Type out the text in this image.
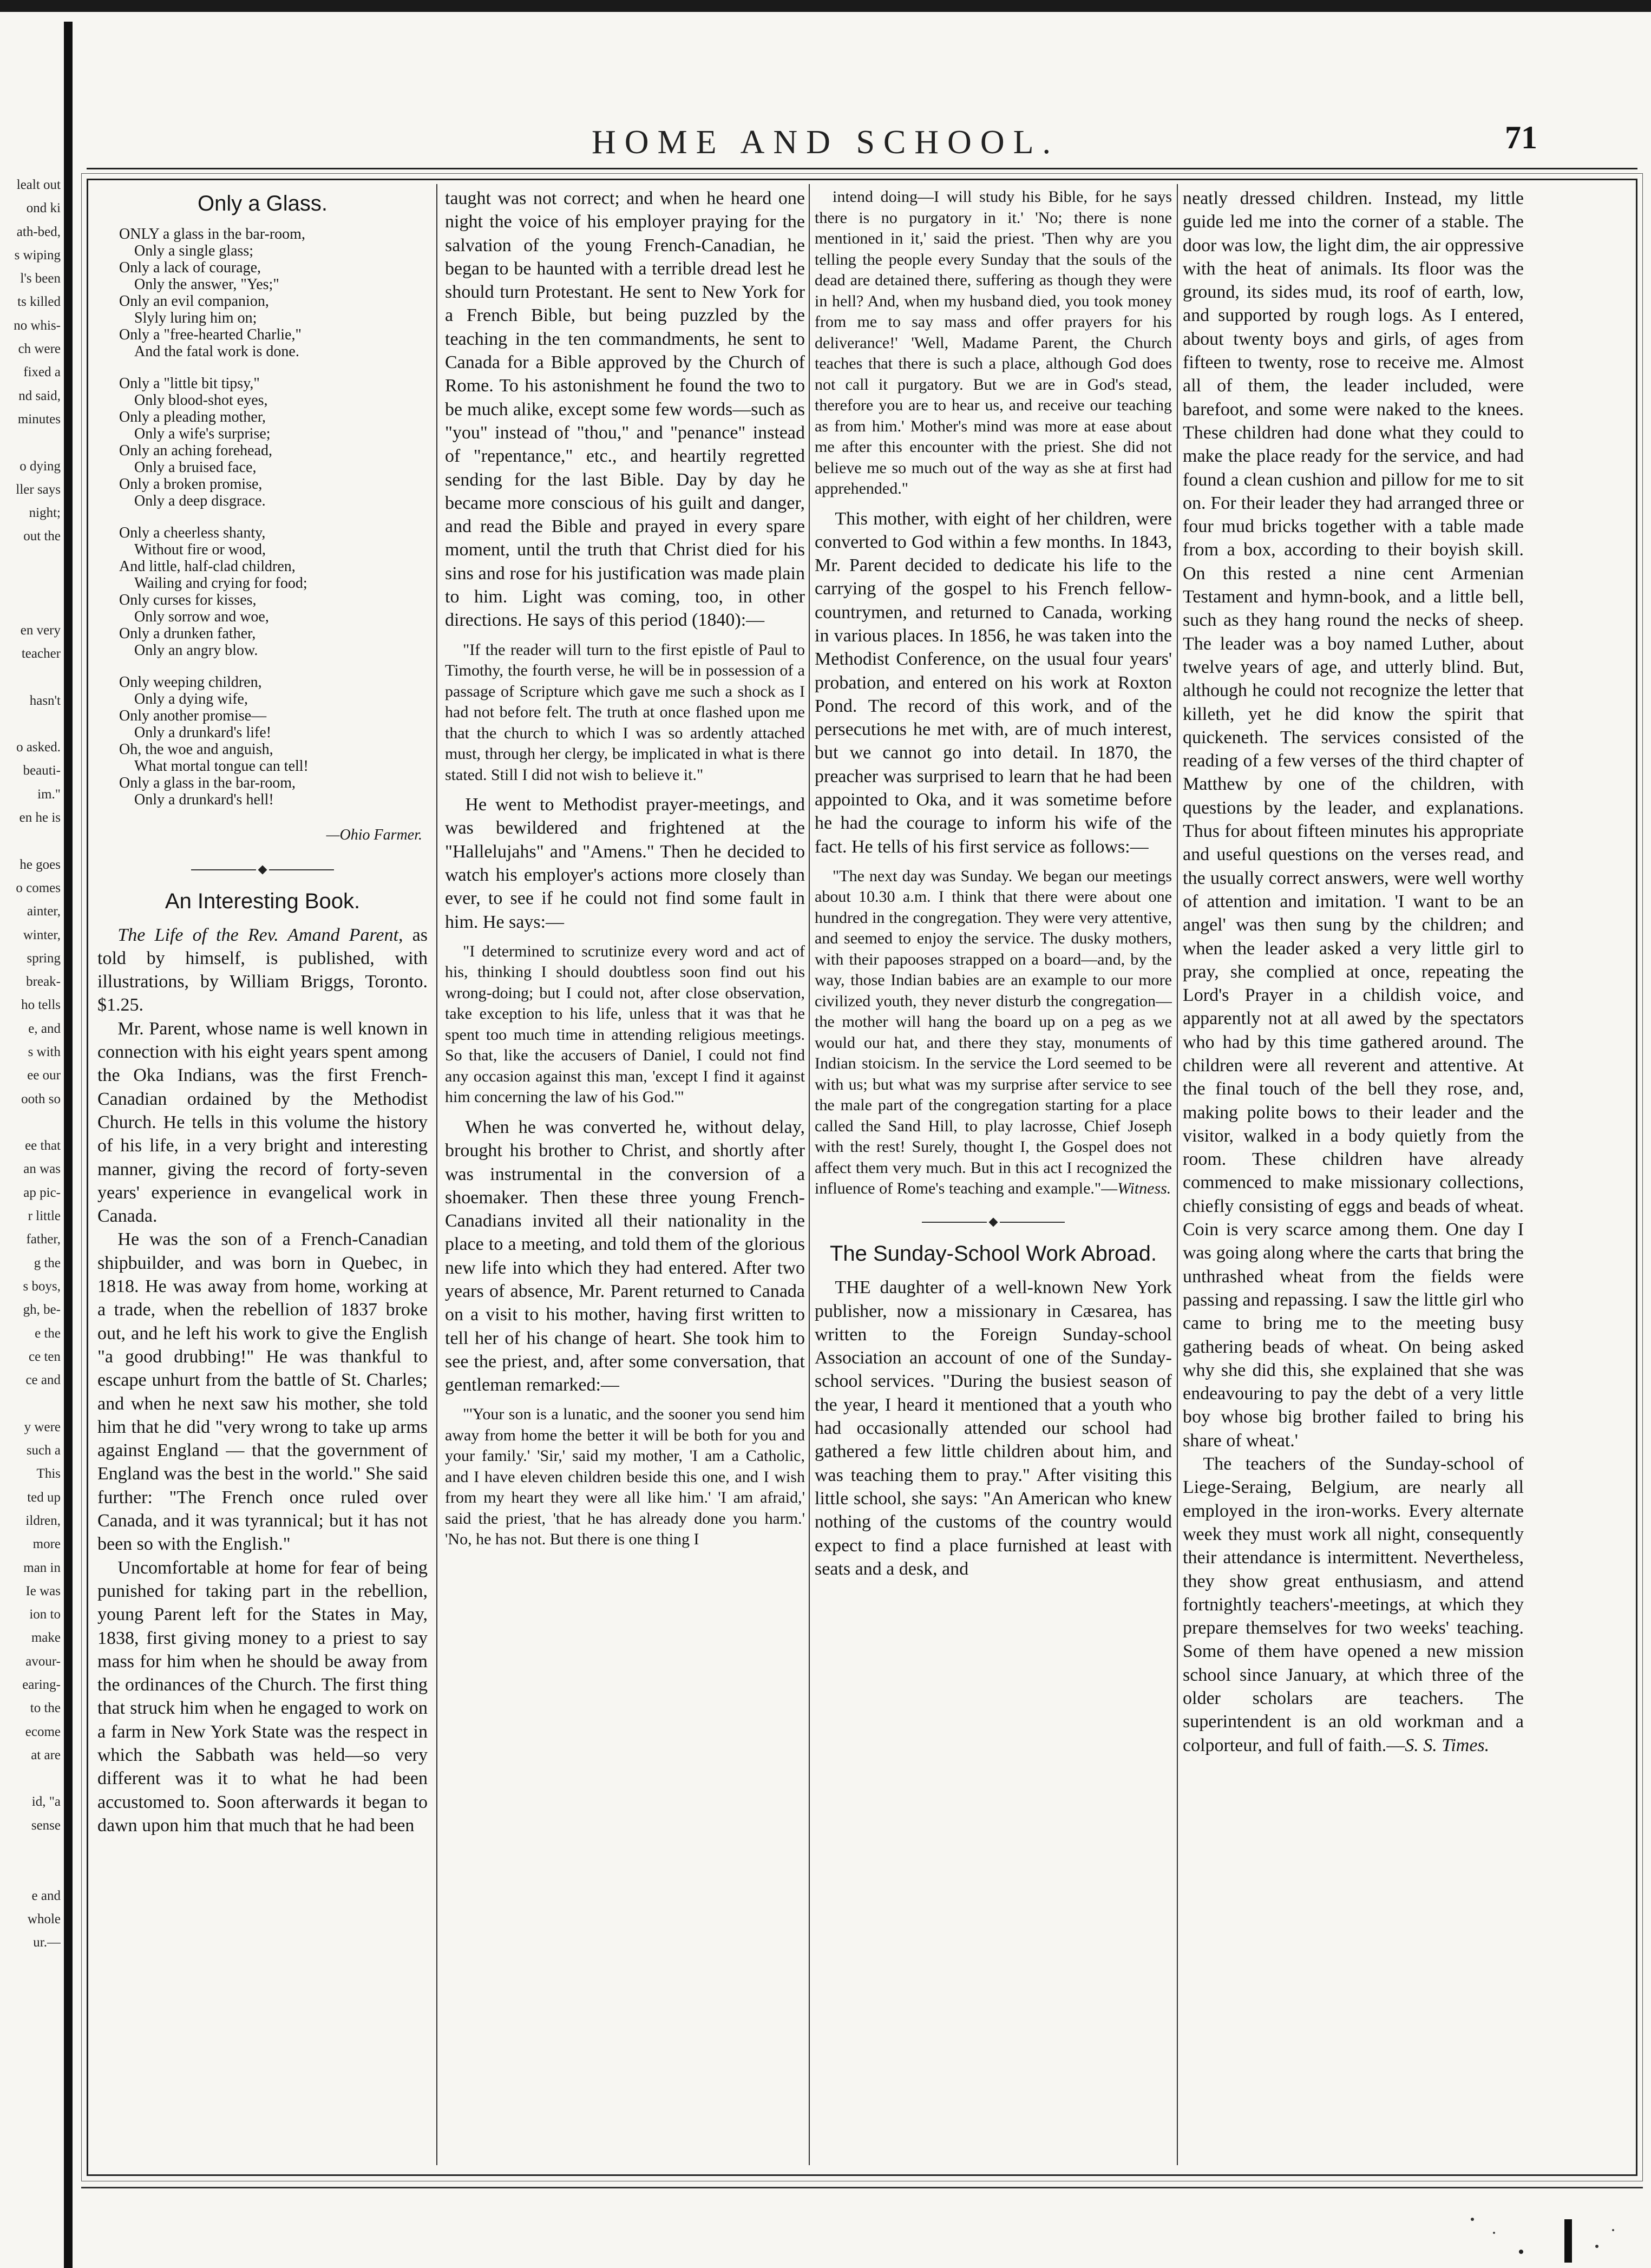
lealt out
ond ki
ath-bed,
s wiping
l's been
ts killed
no whis-
ch were
fixed a
nd said,
minutes
o dying
ller says
night;
out the
en very
teacher
hasn't
o asked.
beauti-
im."
en he is
he goes
o comes
ainter,
winter,
spring
break-
ho tells
e, and
s with
ee our
ooth so
ee that
an was
ap pic-
r little
father,
g the
s boys,
gh, be-
e the
ce ten
ce and
y were
such a
This
ted up
ildren,
more
man in
Ie was
ion to
make
avour-
earing-
to the
ecome
at are
id, "a
sense
e and
whole
ur.—
HOME AND SCHOOL.	71
Only a Glass.
ONLY a glass in the bar-room,
Only a single glass;
Only a lack of courage,
Only the answer, "Yes;"
Only an evil companion,
Slyly luring him on;
Only a "free-hearted Charlie,"
And the fatal work is done.
Only a "little bit tipsy,"
Only blood-shot eyes,
Only a pleading mother,
Only a wife's surprise;
Only an aching forehead,
Only a bruised face,
Only a broken promise,
Only a deep disgrace.
Only a cheerless shanty,
Without fire or wood,
And little, half-clad children,
Wailing and crying for food;
Only curses for kisses,
Only sorrow and woe,
Only a drunken father,
Only an angry blow.
Only weeping children,
Only a dying wife,
Only another promise—
Only a drunkard's life!
Oh, the woe and anguish,
What mortal tongue can tell!
Only a glass in the bar-room,
Only a drunkard's hell!
—Ohio Farmer.
An Interesting Book.

The Life of the Rev. Amand Parent, as told by himself, is published, with illustrations, by William Briggs, Toronto. $1.25.

Mr. Parent, whose name is well known in connection with his eight years spent among the Oka Indians, was the first French-Canadian ordained by the Methodist Church. He tells in this volume the history of his life, in a very bright and interesting manner, giving the record of forty-seven years' experience in evangelical work in Canada.

He was the son of a French-Canadian shipbuilder, and was born in Quebec, in 1818. He was away from home, working at a trade, when the rebellion of 1837 broke out, and he left his work to give the English "a good drubbing!" He was thankful to escape unhurt from the battle of St. Charles; and when he next saw his mother, she told him that he did "very wrong to take up arms against England — that the government of England was the best in the world." She said further: "The French once ruled over Canada, and it was tyrannical; but it has not been so with the English."

Uncomfortable at home for fear of being punished for taking part in the rebellion, young Parent left for the States in May, 1838, first giving money to a priest to say mass for him when he should be away from the ordinances of the Church. The first thing that struck him when he engaged to work on a farm in New York State was the respect in which the Sabbath was held—so very different was it to what he had been accustomed to. Soon afterwards it began to dawn upon him that much that he had been

taught was not correct; and when he heard one night the voice of his employer praying for the salvation of the young French-Canadian, he began to be haunted with a terrible dread lest he should turn Protestant. He sent to New York for a French Bible, but being puzzled by the teaching in the ten commandments, he sent to Canada for a Bible approved by the Church of Rome. To his astonishment he found the two to be much alike, except some few words—such as "you" instead of "thou," and "penance" instead of "repentance," etc., and heartily regretted sending for the last Bible. Day by day he became more conscious of his guilt and danger, and read the Bible and prayed in every spare moment, until the truth that Christ died for his sins and rose for his justification was made plain to him. Light was coming, too, in other directions. He says of this period (1840):—

"If the reader will turn to the first epistle of Paul to Timothy, the fourth verse, he will be in possession of a passage of Scripture which gave me such a shock as I had not before felt. The truth at once flashed upon me that the church to which I was so ardently attached must, through her clergy, be implicated in what is there stated. Still I did not wish to believe it."

He went to Methodist prayer-meetings, and was bewildered and frightened at the "Hallelujahs" and "Amens." Then he decided to watch his employer's actions more closely than ever, to see if he could not find some fault in him. He says:—

"I determined to scrutinize every word and act of his, thinking I should doubtless soon find out his wrong-doing; but I could not, after close observation, take exception to his life, unless that it was that he spent too much time in attending religious meetings. So that, like the accusers of Daniel, I could not find any occasion against this man, 'except I find it against him concerning the law of his God.'"

When he was converted he, without delay, brought his brother to Christ, and shortly after was instrumental in the conversion of a shoemaker. Then these three young French-Canadians invited all their nationality in the place to a meeting, and told them of the glorious new life into which they had entered. After two years of absence, Mr. Parent returned to Canada on a visit to his mother, having first written to tell her of his change of heart. She took him to see the priest, and, after some conversation, that gentleman remarked:—

"'Your son is a lunatic, and the sooner you send him away from home the better it will be both for you and your family.' 'Sir,' said my mother, 'I am a Catholic, and I have eleven children beside this one, and I wish from my heart they were all like him.' 'I am afraid,' said the priest, 'that he has already done you harm.' 'No, he has not. But there is one thing I

intend doing—I will study his Bible, for he says there is no purgatory in it.' 'No; there is none mentioned in it,' said the priest. 'Then why are you telling the people every Sunday that the souls of the dead are detained there, suffering as though they were in hell? And, when my husband died, you took money from me to say mass and offer prayers for his deliverance!' 'Well, Madame Parent, the Church teaches that there is such a place, although God does not call it purgatory. But we are in God's stead, therefore you are to hear us, and receive our teaching as from him.' Mother's mind was more at ease about me after this encounter with the priest. She did not believe me so much out of the way as she at first had apprehended."

This mother, with eight of her children, were converted to God within a few months. In 1843, Mr. Parent decided to dedicate his life to the carrying of the gospel to his French fellow-countrymen, and returned to Canada, working in various places. In 1856, he was taken into the Methodist Conference, on the usual four years' probation, and entered on his work at Roxton Pond. The record of this work, and of the persecutions he met with, are of much interest, but we cannot go into detail. In 1870, the preacher was surprised to learn that he had been appointed to Oka, and it was sometime before he had the courage to inform his wife of the fact. He tells of his first service as follows:—

"The next day was Sunday. We began our meetings about 10.30 a.m. I think that there were about one hundred in the congregation. They were very attentive, and seemed to enjoy the service. The dusky mothers, with their papooses strapped on a board—and, by the way, those Indian babies are an example to our more civilized youth, they never disturb the congregation—the mother will hang the board up on a peg as we would our hat, and there they stay, monuments of Indian stoicism. In the service the Lord seemed to be with us; but what was my surprise after service to see the male part of the congregation starting for a place called the Sand Hill, to play lacrosse, Chief Joseph with the rest! Surely, thought I, the Gospel does not affect them very much. But in this act I recognized the influence of Rome's teaching and example."—Witness.

The Sunday-School Work Abroad.

THE daughter of a well-known New York publisher, now a missionary in Cæsarea, has written to the Foreign Sunday-school Association an account of one of the Sunday-school services. "During the busiest season of the year, I heard it mentioned that a youth who had occasionally attended our school had gathered a few little children about him, and was teaching them to pray." After visiting this little school, she says: "An American who knew nothing of the customs of the country would expect to find a place furnished at least with seats and a desk, and

neatly dressed children. Instead, my little guide led me into the corner of a stable. The door was low, the light dim, the air oppressive with the heat of animals. Its floor was the ground, its sides mud, its roof of earth, low, and supported by rough logs. As I entered, about twenty boys and girls, of ages from fifteen to twenty, rose to receive me. Almost all of them, the leader included, were barefoot, and some were naked to the knees. These children had done what they could to make the place ready for the service, and had found a clean cushion and pillow for me to sit on. For their leader they had arranged three or four mud bricks together with a table made from a box, according to their boyish skill. On this rested a nine cent Armenian Testament and hymn-book, and a little bell, such as they hang round the necks of sheep. The leader was a boy named Luther, about twelve years of age, and utterly blind. But, although he could not recognize the letter that killeth, yet he did know the spirit that quickeneth. The services consisted of the reading of a few verses of the third chapter of Matthew by one of the children, with questions by the leader, and explanations. Thus for about fifteen minutes his appropriate and useful questions on the verses read, and the usually correct answers, were well worthy of attention and imitation. 'I want to be an angel' was then sung by the children; and when the leader asked a very little girl to pray, she complied at once, repeating the Lord's Prayer in a childish voice, and apparently not at all awed by the spectators who had by this time gathered around. The children were all reverent and attentive. At the final touch of the bell they rose, and, making polite bows to their leader and the visitor, walked in a body quietly from the room. These children have already commenced to make missionary collections, chiefly consisting of eggs and beads of wheat. Coin is very scarce among them. One day I was going along where the carts that bring the unthrashed wheat from the fields were passing and repassing. I saw the little girl who came to bring me to the meeting busy gathering beads of wheat. On being asked why she did this, she explained that she was endeavouring to pay the debt of a very little boy whose big brother failed to bring his share of wheat.'

The teachers of the Sunday-school of Liege-Seraing, Belgium, are nearly all employed in the iron-works. Every alternate week they must work all night, consequently their attendance is intermittent. Nevertheless, they show great enthusiasm, and attend fortnightly teachers'-meetings, at which they prepare themselves for two weeks' teaching. Some of them have opened a new mission school since January, at which three of the older scholars are teachers. The superintendent is an old workman and a colporteur, and full of faith.—S. S. Times.
